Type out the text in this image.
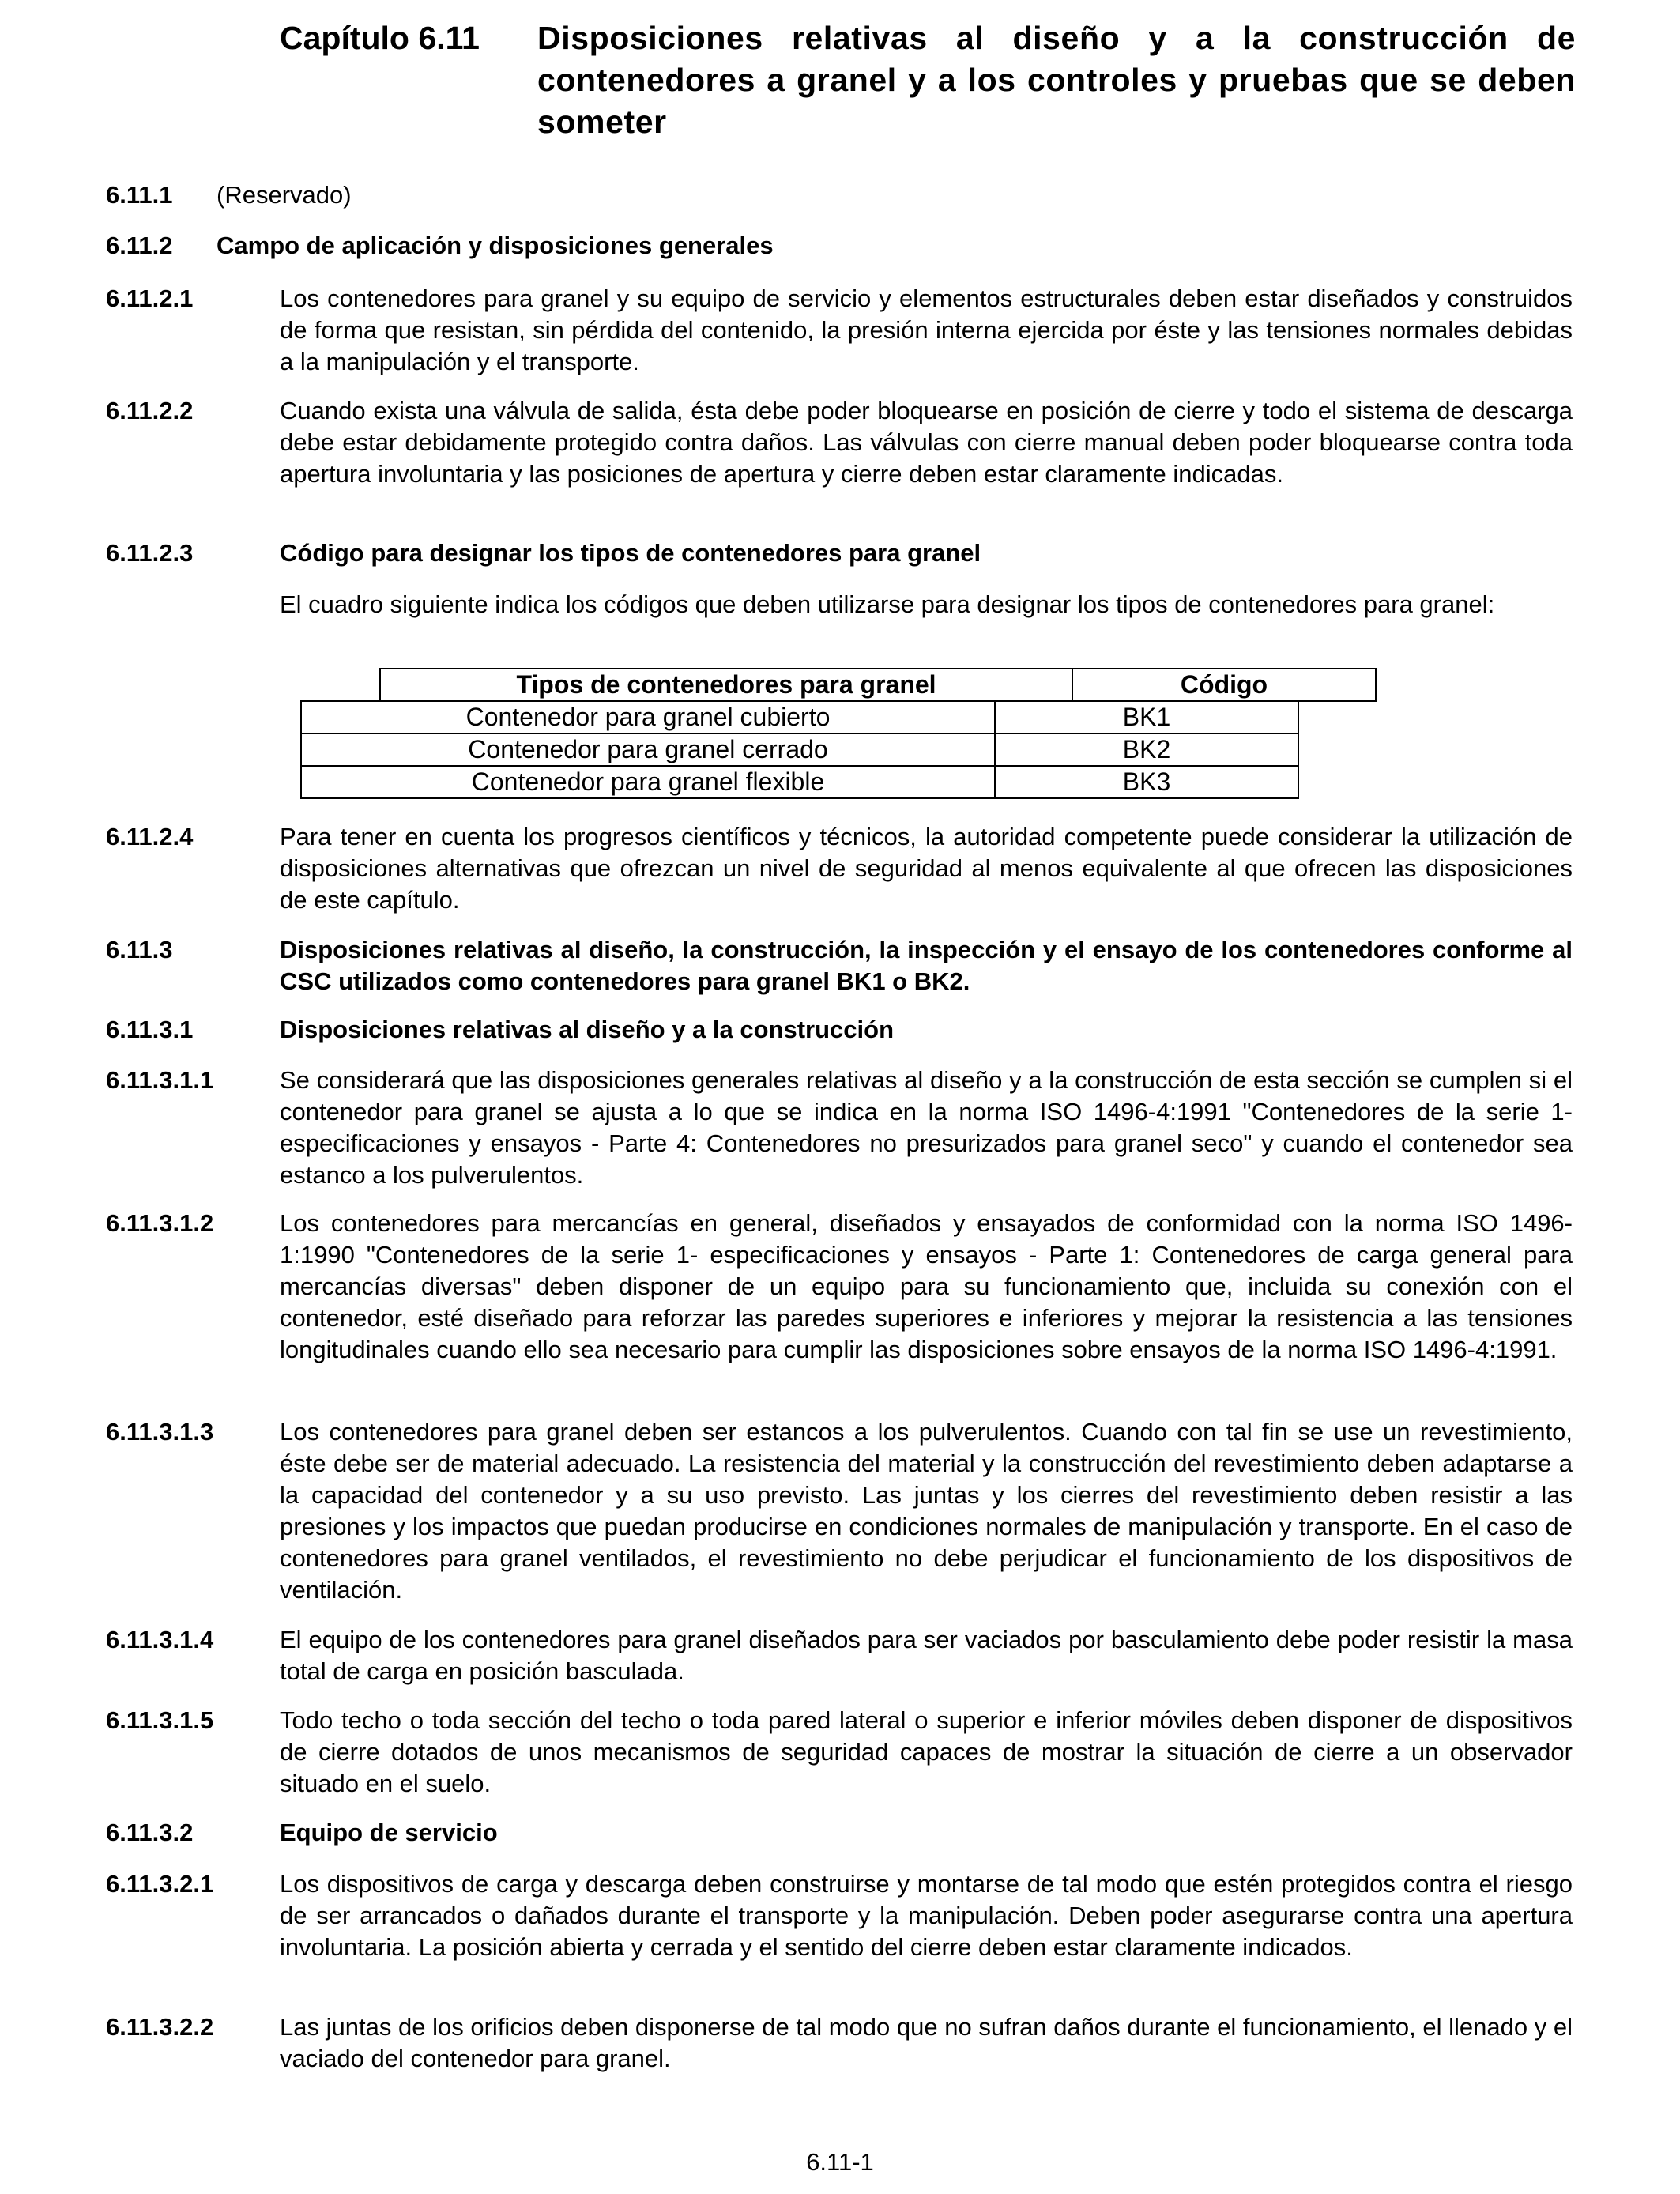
Capítulo 6.11 Disposiciones relativas al diseño y a la construcción de contenedores a granel y a los controles y pruebas que se deben someter
6.11.1 (Reservado)
6.11.2 Campo de aplicación y disposiciones generales
6.11.2.1	Los contenedores para granel y su equipo de servicio y elementos estructurales deben estar diseñados y construidos de forma que resistan, sin pérdida del contenido, la presión interna ejercida por éste y las tensiones normales debidas a la manipulación y el transporte.
6.11.2.2	Cuando exista una válvula de salida, ésta debe poder bloquearse en posición de cierre y todo el sistema de descarga debe estar debidamente protegido contra daños. Las válvulas con cierre manual deben poder bloquearse contra toda apertura involuntaria y las posiciones de apertura y cierre deben estar claramente indicadas.
6.11.2.3	Código para designar los tipos de contenedores para granel
El cuadro siguiente indica los códigos que deben utilizarse para designar los tipos de contenedores para granel:
Tipos de contenedores para granel	Código
Contenedor para granel cubierto	BK1
Contenedor para granel cerrado	BK2
Contenedor para granel flexible	BK3
6.11.2.4	Para tener en cuenta los progresos científicos y técnicos, la autoridad competente puede considerar la utilización de disposiciones alternativas que ofrezcan un nivel de seguridad al menos equivalente al que ofrecen las disposiciones de este capítulo.
6.11.3	Disposiciones relativas al diseño, la construcción, la inspección y el ensayo de los contenedores conforme al CSC utilizados como contenedores para granel BK1 o BK2.
6.11.3.1	Disposiciones relativas al diseño y a la construcción
6.11.3.1.1	Se considerará que las disposiciones generales relativas al diseño y a la construcción de esta sección se cumplen si el contenedor para granel se ajusta a lo que se indica en la norma ISO 1496-4:1991 "Contenedores de la serie 1- especificaciones y ensayos - Parte 4: Contenedores no presurizados para granel seco" y cuando el contenedor sea estanco a los pulverulentos.
6.11.3.1.2	Los contenedores para mercancías en general, diseñados y ensayados de conformidad con la norma ISO 1496-1:1990 "Contenedores de la serie 1- especificaciones y ensayos - Parte 1: Contenedores de carga general para mercancías diversas" deben disponer de un equipo para su funcionamiento que, incluida su conexión con el contenedor, esté diseñado para reforzar las paredes superiores e inferiores y mejorar la resistencia a las tensiones longitudinales cuando ello sea necesario para cumplir las disposiciones sobre ensayos de la norma ISO 1496-4:1991.
6.11.3.1.3	Los contenedores para granel deben ser estancos a los pulverulentos. Cuando con tal fin se use un revestimiento, éste debe ser de material adecuado. La resistencia del material y la construcción del revestimiento deben adaptarse a la capacidad del contenedor y a su uso previsto. Las juntas y los cierres del revestimiento deben resistir a las presiones y los impactos que puedan producirse en condiciones normales de manipulación y transporte. En el caso de contenedores para granel ventilados, el revestimiento no debe perjudicar el funcionamiento de los dispositivos de ventilación.
6.11.3.1.4	El equipo de los contenedores para granel diseñados para ser vaciados por basculamiento debe poder resistir la masa total de carga en posición basculada.
6.11.3.1.5	Todo techo o toda sección del techo o toda pared lateral o superior e inferior móviles deben disponer de dispositivos de cierre dotados de unos mecanismos de seguridad capaces de mostrar la situación de cierre a un observador situado en el suelo.
6.11.3.2	Equipo de servicio
6.11.3.2.1	Los dispositivos de carga y descarga deben construirse y montarse de tal modo que estén protegidos contra el riesgo de ser arrancados o dañados durante el transporte y la manipulación. Deben poder asegurarse contra una apertura involuntaria. La posición abierta y cerrada y el sentido del cierre deben estar claramente indicados.
6.11.3.2.2	Las juntas de los orificios deben disponerse de tal modo que no sufran daños durante el funcionamiento, el llenado y el vaciado del contenedor para granel.
6.11-1
